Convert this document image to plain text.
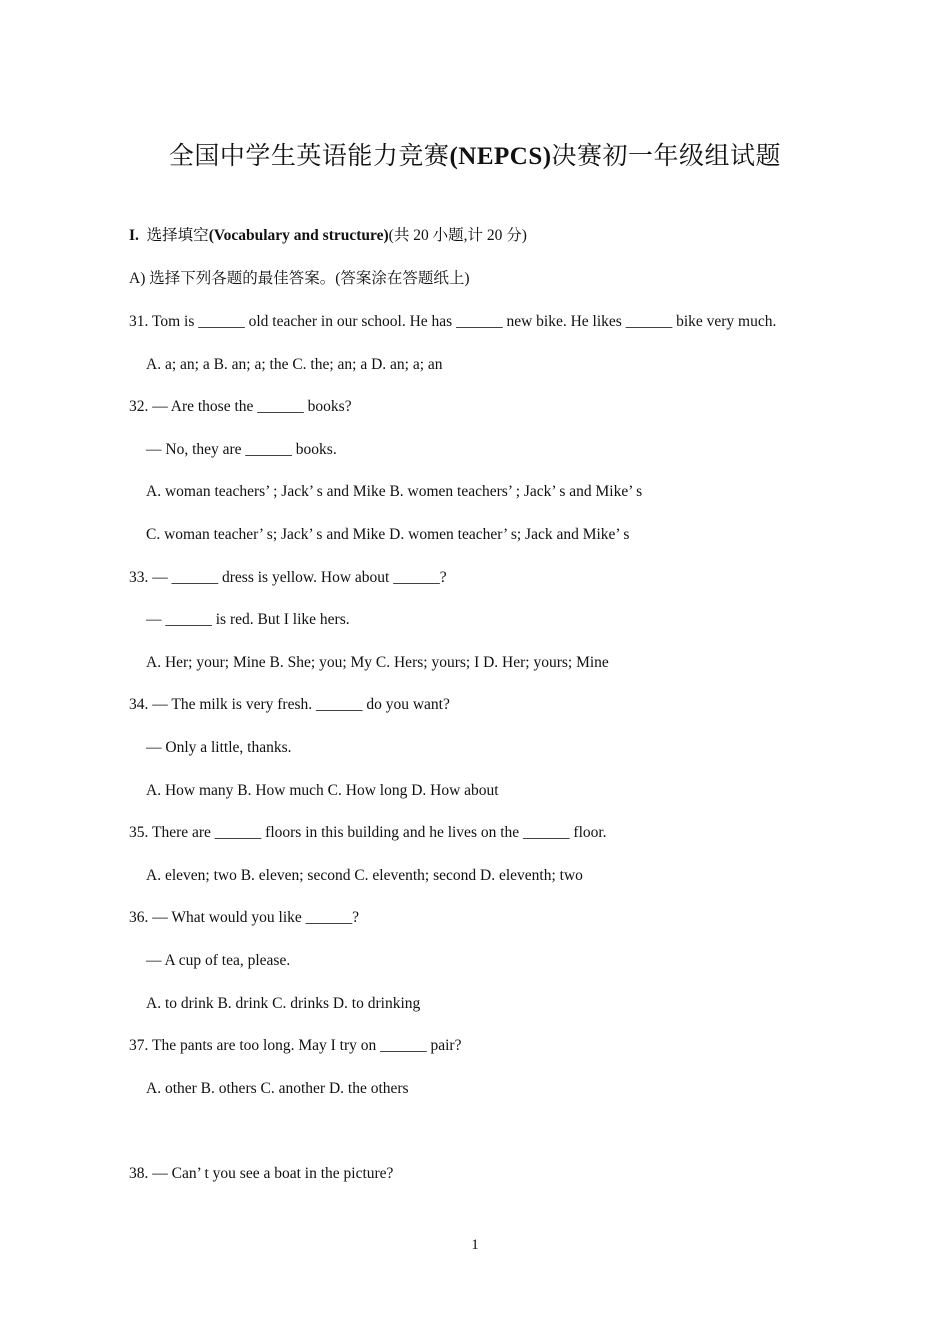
全国中学生英语能力竞赛(NEPCS)决赛初一年级组试题
I. 选择填空(Vocabulary and structure)(共 20 小题,计 20 分)
A) 选择下列各题的最佳答案。(答案涂在答题纸上)
31. Tom is ______ old teacher in our school. He has ______ new bike. He likes ______ bike very much.
A. a; an; a B. an; a; the C. the; an; a D. an; a; an
32. — Are those the ______ books?
— No, they are ______ books.
A. woman teachers’ ; Jack’ s and Mike B. women teachers’ ; Jack’ s and Mike’ s
C. woman teacher’ s; Jack’ s and Mike D. women teacher’ s; Jack and Mike’ s
33. — ______ dress is yellow. How about ______?
— ______ is red. But I like hers.
A. Her; your; Mine B. She; you; My C. Hers; yours; I D. Her; yours; Mine
34. — The milk is very fresh. ______ do you want?
— Only a little, thanks.
A. How many B. How much C. How long D. How about
35. There are ______ floors in this building and he lives on the ______ floor.
A. eleven; two B. eleven; second C. eleventh; second D. eleventh; two
36. — What would you like ______?
— A cup of tea, please.
A. to drink B. drink C. drinks D. to drinking
37. The pants are too long. May I try on ______ pair?
A. other B. others C. another D. the others
38. — Can’ t you see a boat in the picture?
1
